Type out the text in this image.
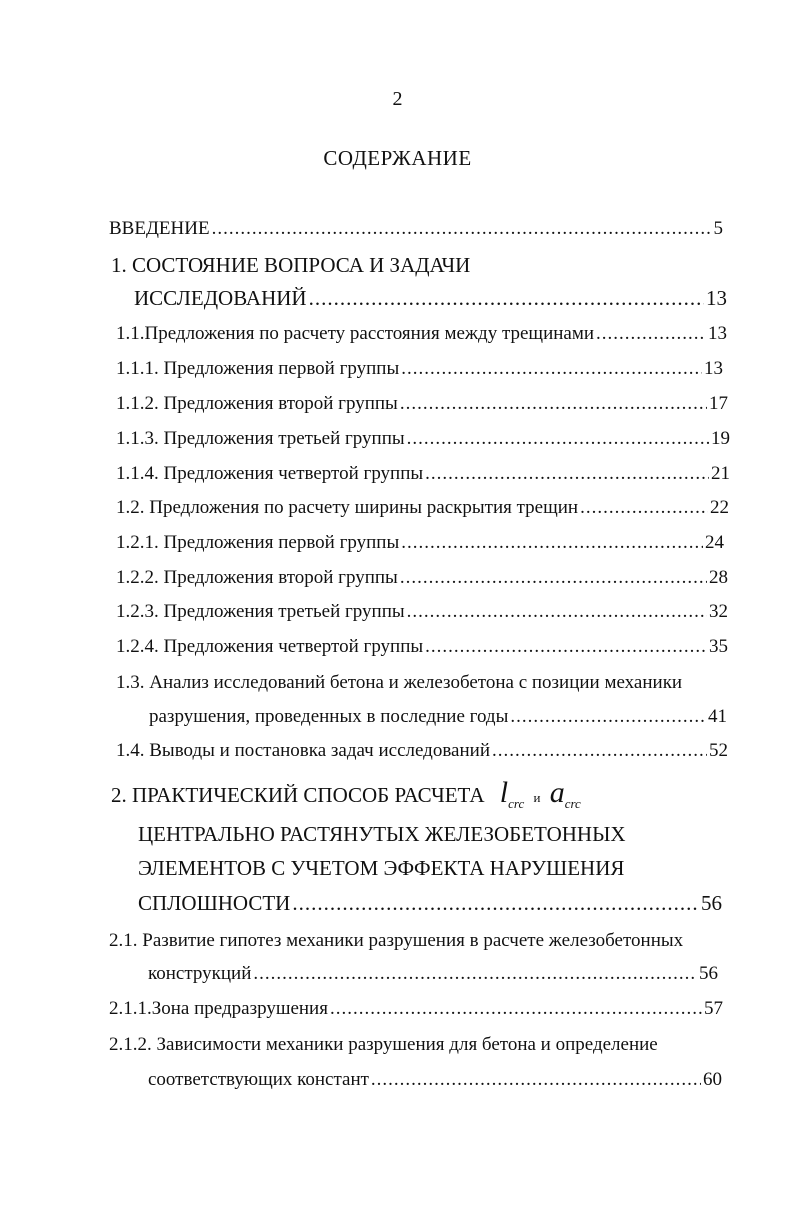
2
СОДЕРЖАНИЕ
ВВЕДЕНИЕ .....	5
1. СОСТОЯНИЕ ВОПРОСА И ЗАДАЧИ
ИССЛЕДОВАНИЙ .....	13
1.1.Предложения по расчету расстояния между трещинами .....	13
1.1.1. Предложения первой группы .....	13
1.1.2. Предложения второй группы .....	17
1.1.3. Предложения третьей группы .....	19
1.1.4. Предложения четвертой группы .....	21
1.2. Предложения по расчету ширины раскрытия трещин .....	22
1.2.1. Предложения первой группы .....	24
1.2.2. Предложения второй группы .....	28
1.2.3. Предложения третьей группы .....	32
1.2.4. Предложения четвертой группы .....	35
1.3. Анализ исследований бетона и железобетона с позиции механики
разрушения, проведенных в последние годы .....	41
1.4. Выводы и постановка задач исследований .....	52
2. ПРАКТИЧЕСКИЙ СПОСОБ РАСЧЕТА $l_{crc}$ и $a_{crc}$
ЦЕНТРАЛЬНО РАСТЯНУТЫХ ЖЕЛЕЗОБЕТОННЫХ
ЭЛЕМЕНТОВ С УЧЕТОМ ЭФФЕКТА НАРУШЕНИЯ
СПЛОШНОСТИ .....	56
2.1. Развитие гипотез механики разрушения в расчете железобетонных
конструкций .....	56
2.1.1.Зона предразрушения .....	57
2.1.2. Зависимости механики разрушения для бетона и определение
соответствующих констант .....	60
